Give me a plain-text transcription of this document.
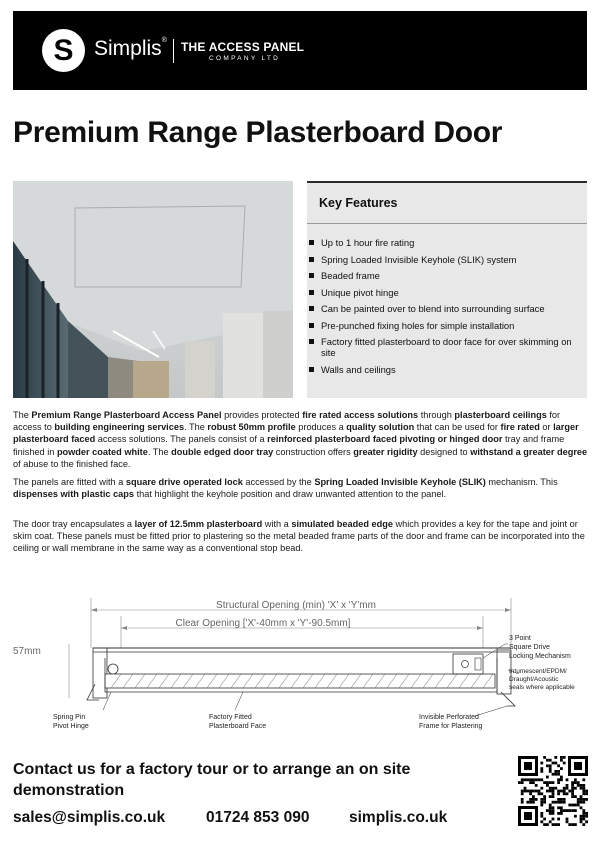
S Simplis® THE ACCESS PANEL
COMPANY LTD
Premium Range Plasterboard Door
Key Features
Up to 1 hour fire rating
Spring Loaded Invisible Keyhole (SLIK) system
Beaded frame
Unique pivot hinge
Can be painted over to blend into surrounding surface
Pre-punched fixing holes for simple installation
Factory fitted plasterboard to door face for over skimming on site
Walls and ceilings

The Premium Range Plasterboard Access Panel provides protected fire rated access solutions through plasterboard ceilings for access to building engineering services. The robust 50mm profile produces a quality solution that can be used for fire rated or larger plasterboard faced access solutions. The panels consist of a reinforced plasterboard faced pivoting or hinged door tray and frame finished in powder coated white. The double edged door tray construction offers greater rigidity designed to withstand a greater degree of abuse to the finished face.

The panels are fitted with a square drive operated lock accessed by the Spring Loaded Invisible Keyhole (SLIK) mechanism. This dispenses with plastic caps that highlight the keyhole position and draw unwanted attention to the panel.

The door tray encapsulates a layer of 12.5mm plasterboard with a simulated beaded edge which provides a key for the tape and joint or skim coat. These panels must be fitted prior to plastering so the metal beaded frame parts of the door and frame can be incorporated into the ceiling or wall membrane in the same way as a conventional stop bead.

Structural Opening (min) 'X' x 'Y'mm
Clear Opening ['X'-40mm x 'Y'-90.5mm]
57mm
3 Point Square Drive Locking Mechanism
Intumescent/EPDM/ Draught/Acoustic seals where applicable
Spring Pin Pivot Hinge
Factory Fitted Plasterboard Face
Invisible Perforated Frame for Plastering
Contact us for a factory tour or to arrange an on site demonstration
sales@simplis.co.uk	01724 853 090	simplis.co.uk
